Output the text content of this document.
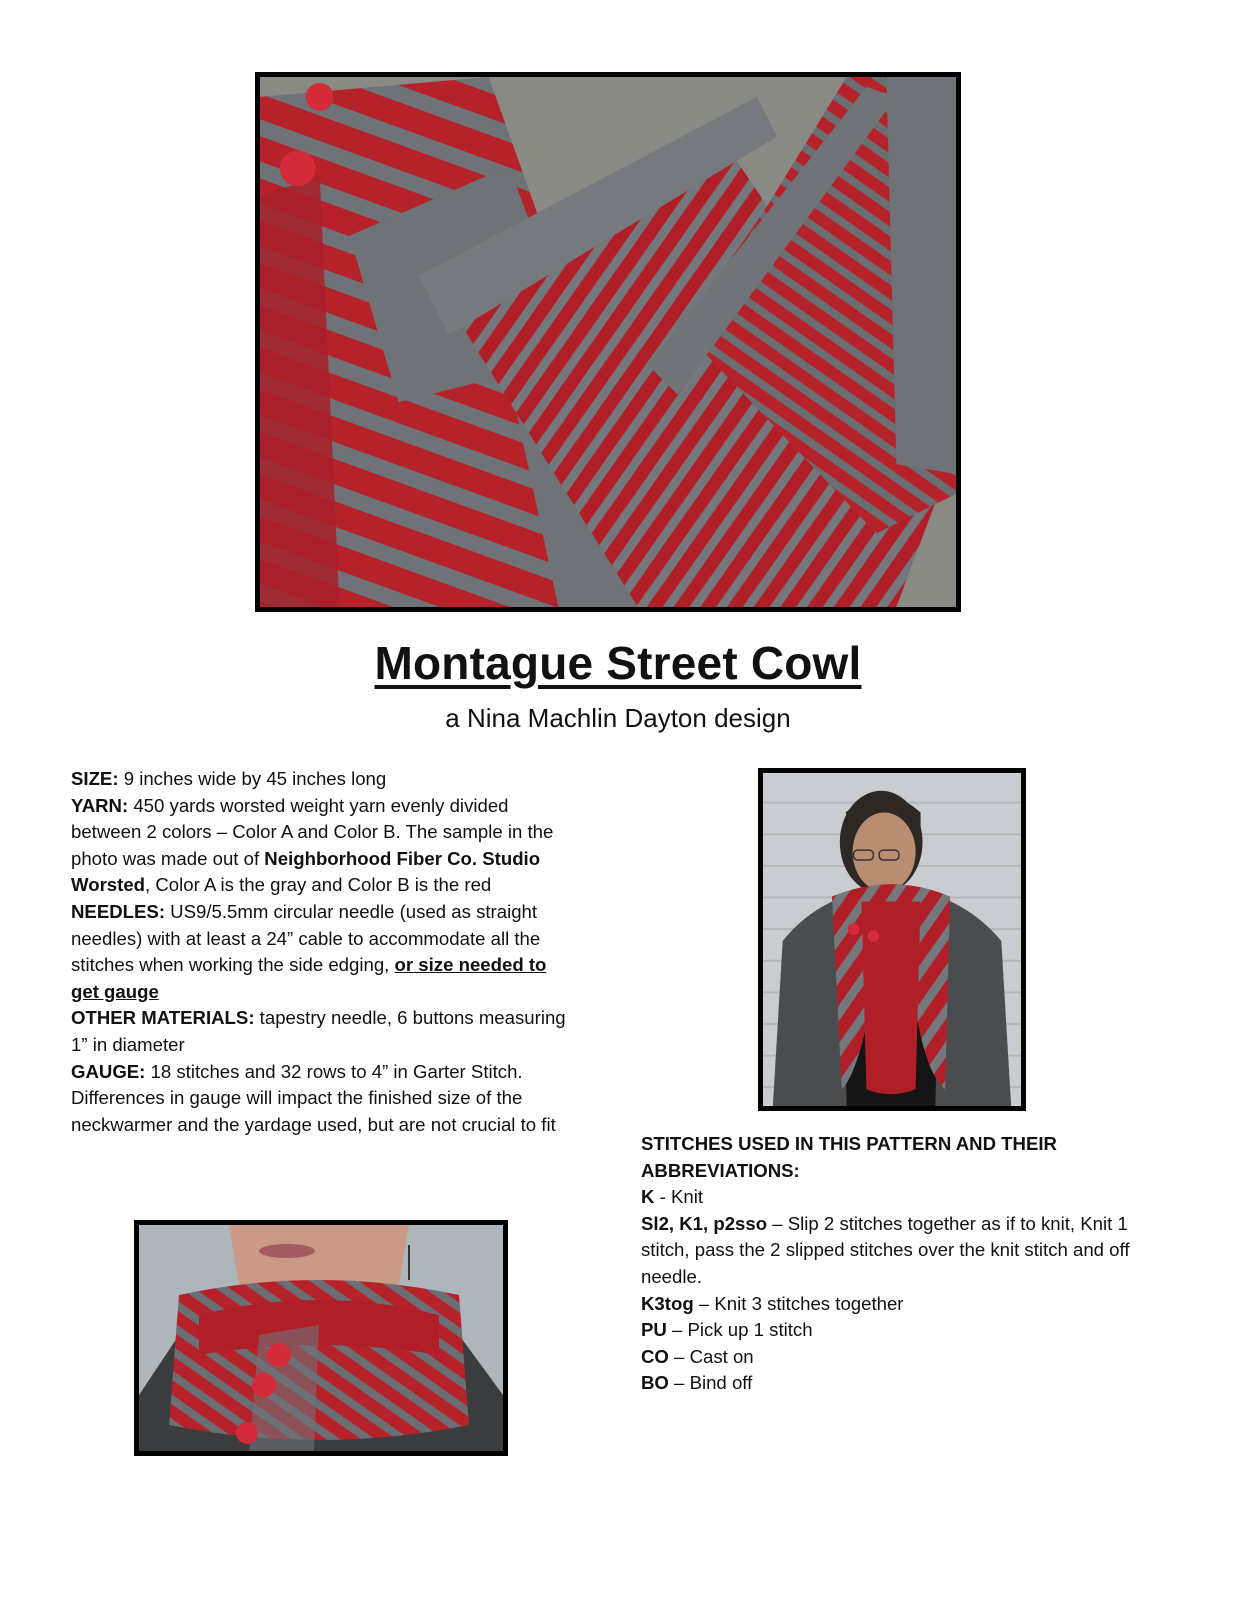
Montague Street Cowl
a Nina Machlin Dayton design

SIZE: 9 inches wide by 45 inches long

YARN: 450 yards worsted weight yarn evenly divided between 2 colors – Color A and Color B. The sample in the photo was made out of Neighborhood Fiber Co. Studio Worsted, Color A is the gray and Color B is the red

NEEDLES: US9/5.5mm circular needle (used as straight needles) with at least a 24” cable to accommodate all the stitches when working the side edging, or size needed to get gauge

OTHER MATERIALS: tapestry needle, 6 buttons measuring 1” in diameter

GAUGE: 18 stitches and 32 rows to 4” in Garter Stitch. Differences in gauge will impact the finished size of the neckwarmer and the yardage used, but are not crucial to fit

STITCHES USED IN THIS PATTERN AND THEIR ABBREVIATIONS:

K - Knit

Sl2, K1, p2sso – Slip 2 stitches together as if to knit, Knit 1 stitch, pass the 2 slipped stitches over the knit stitch and off needle.

K3tog – Knit 3 stitches together

PU – Pick up 1 stitch

CO – Cast on

BO – Bind off
